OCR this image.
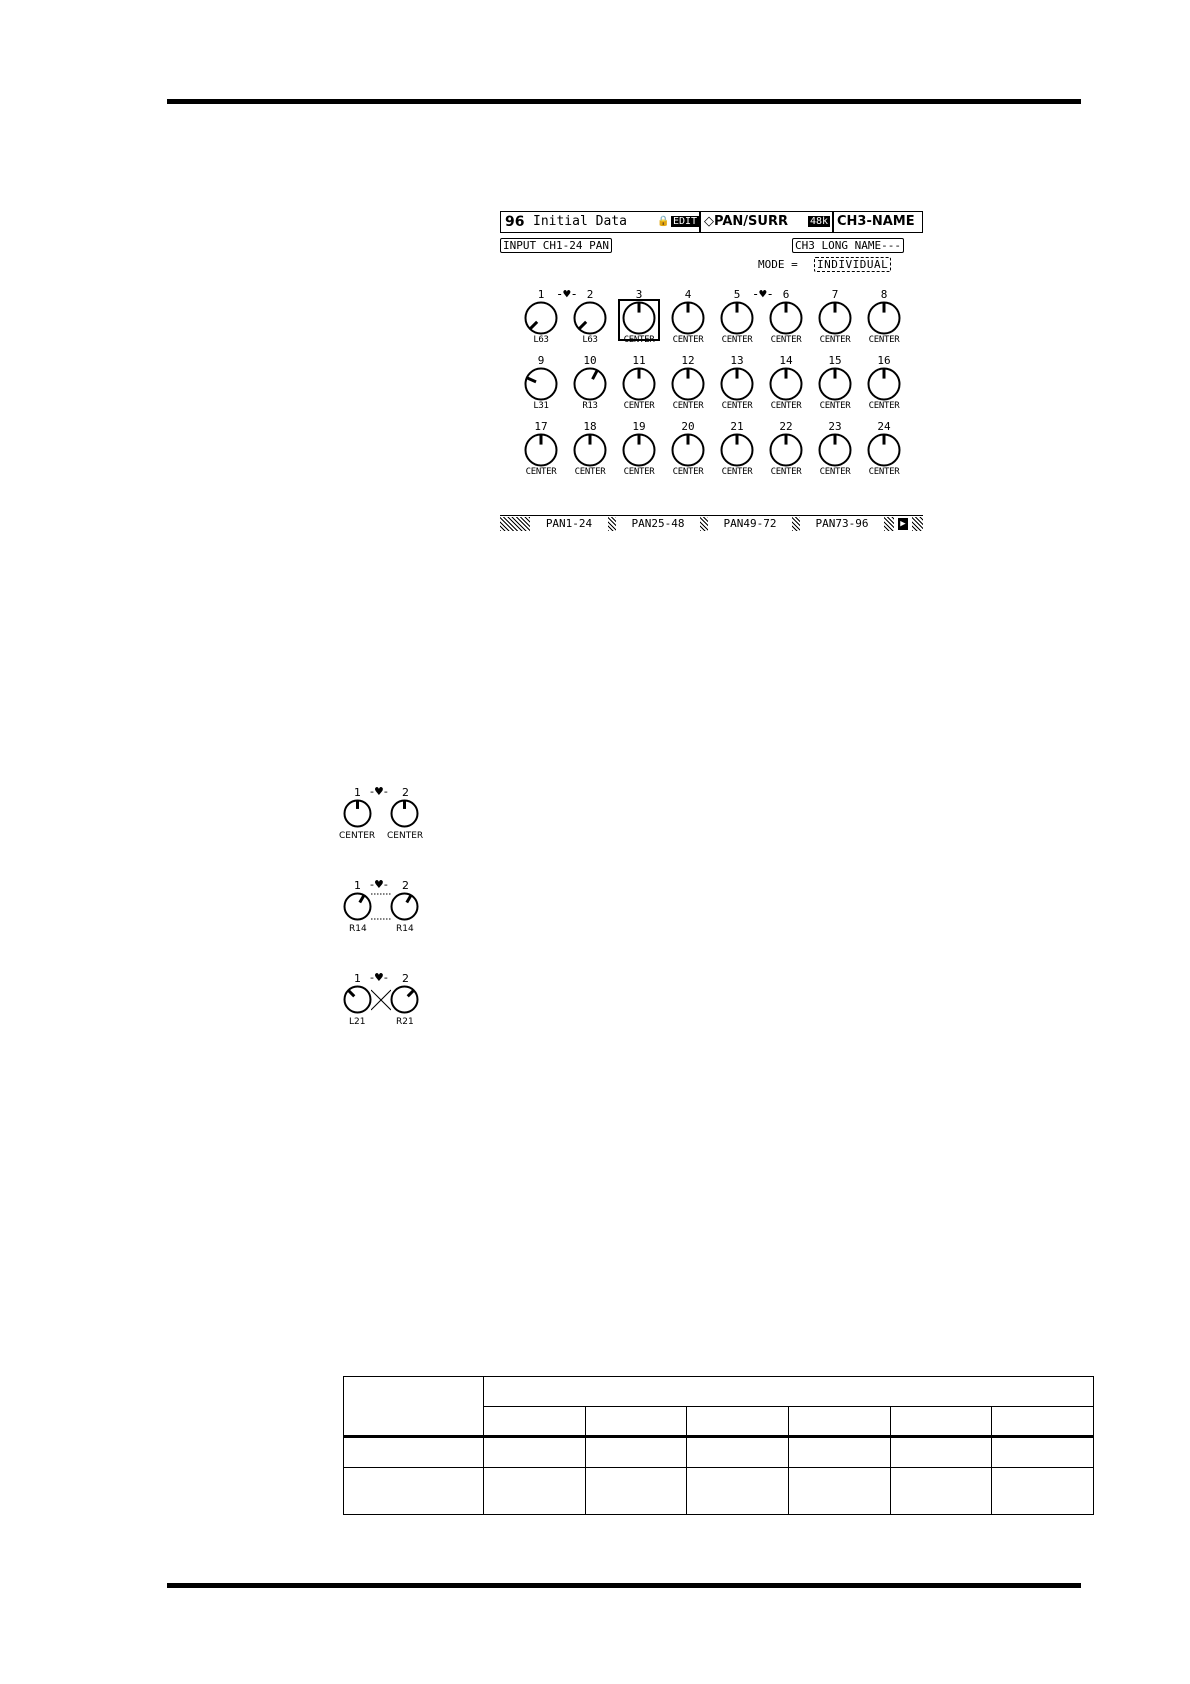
96 Initial Data	🔒 EDIT ◇PAN/SURR 48k CH3-NAME
INPUT CH1-24 PAN	CH3 LONG NAME---
MODE = INDIVIDUAL
1
L63
2
L63
3
CENTER
4
CENTER
5
CENTER
6
CENTER
7
CENTER
8
CENTER
9
L31
10
R13
11
CENTER
12
CENTER
13
CENTER
14
CENTER
15
CENTER
16
CENTER
17
CENTER
18
CENTER
19
CENTER
20
CENTER
21
CENTER
22
CENTER
23
CENTER
24
CENTER
PAN1-24	PAN25-48	PAN49-72	PAN73-96	▶
-♥-	-♥-
1 -♥- 2
CENTER CENTER
1 -♥- 2
R14	R14
1 -♥- 2
L21	R21
